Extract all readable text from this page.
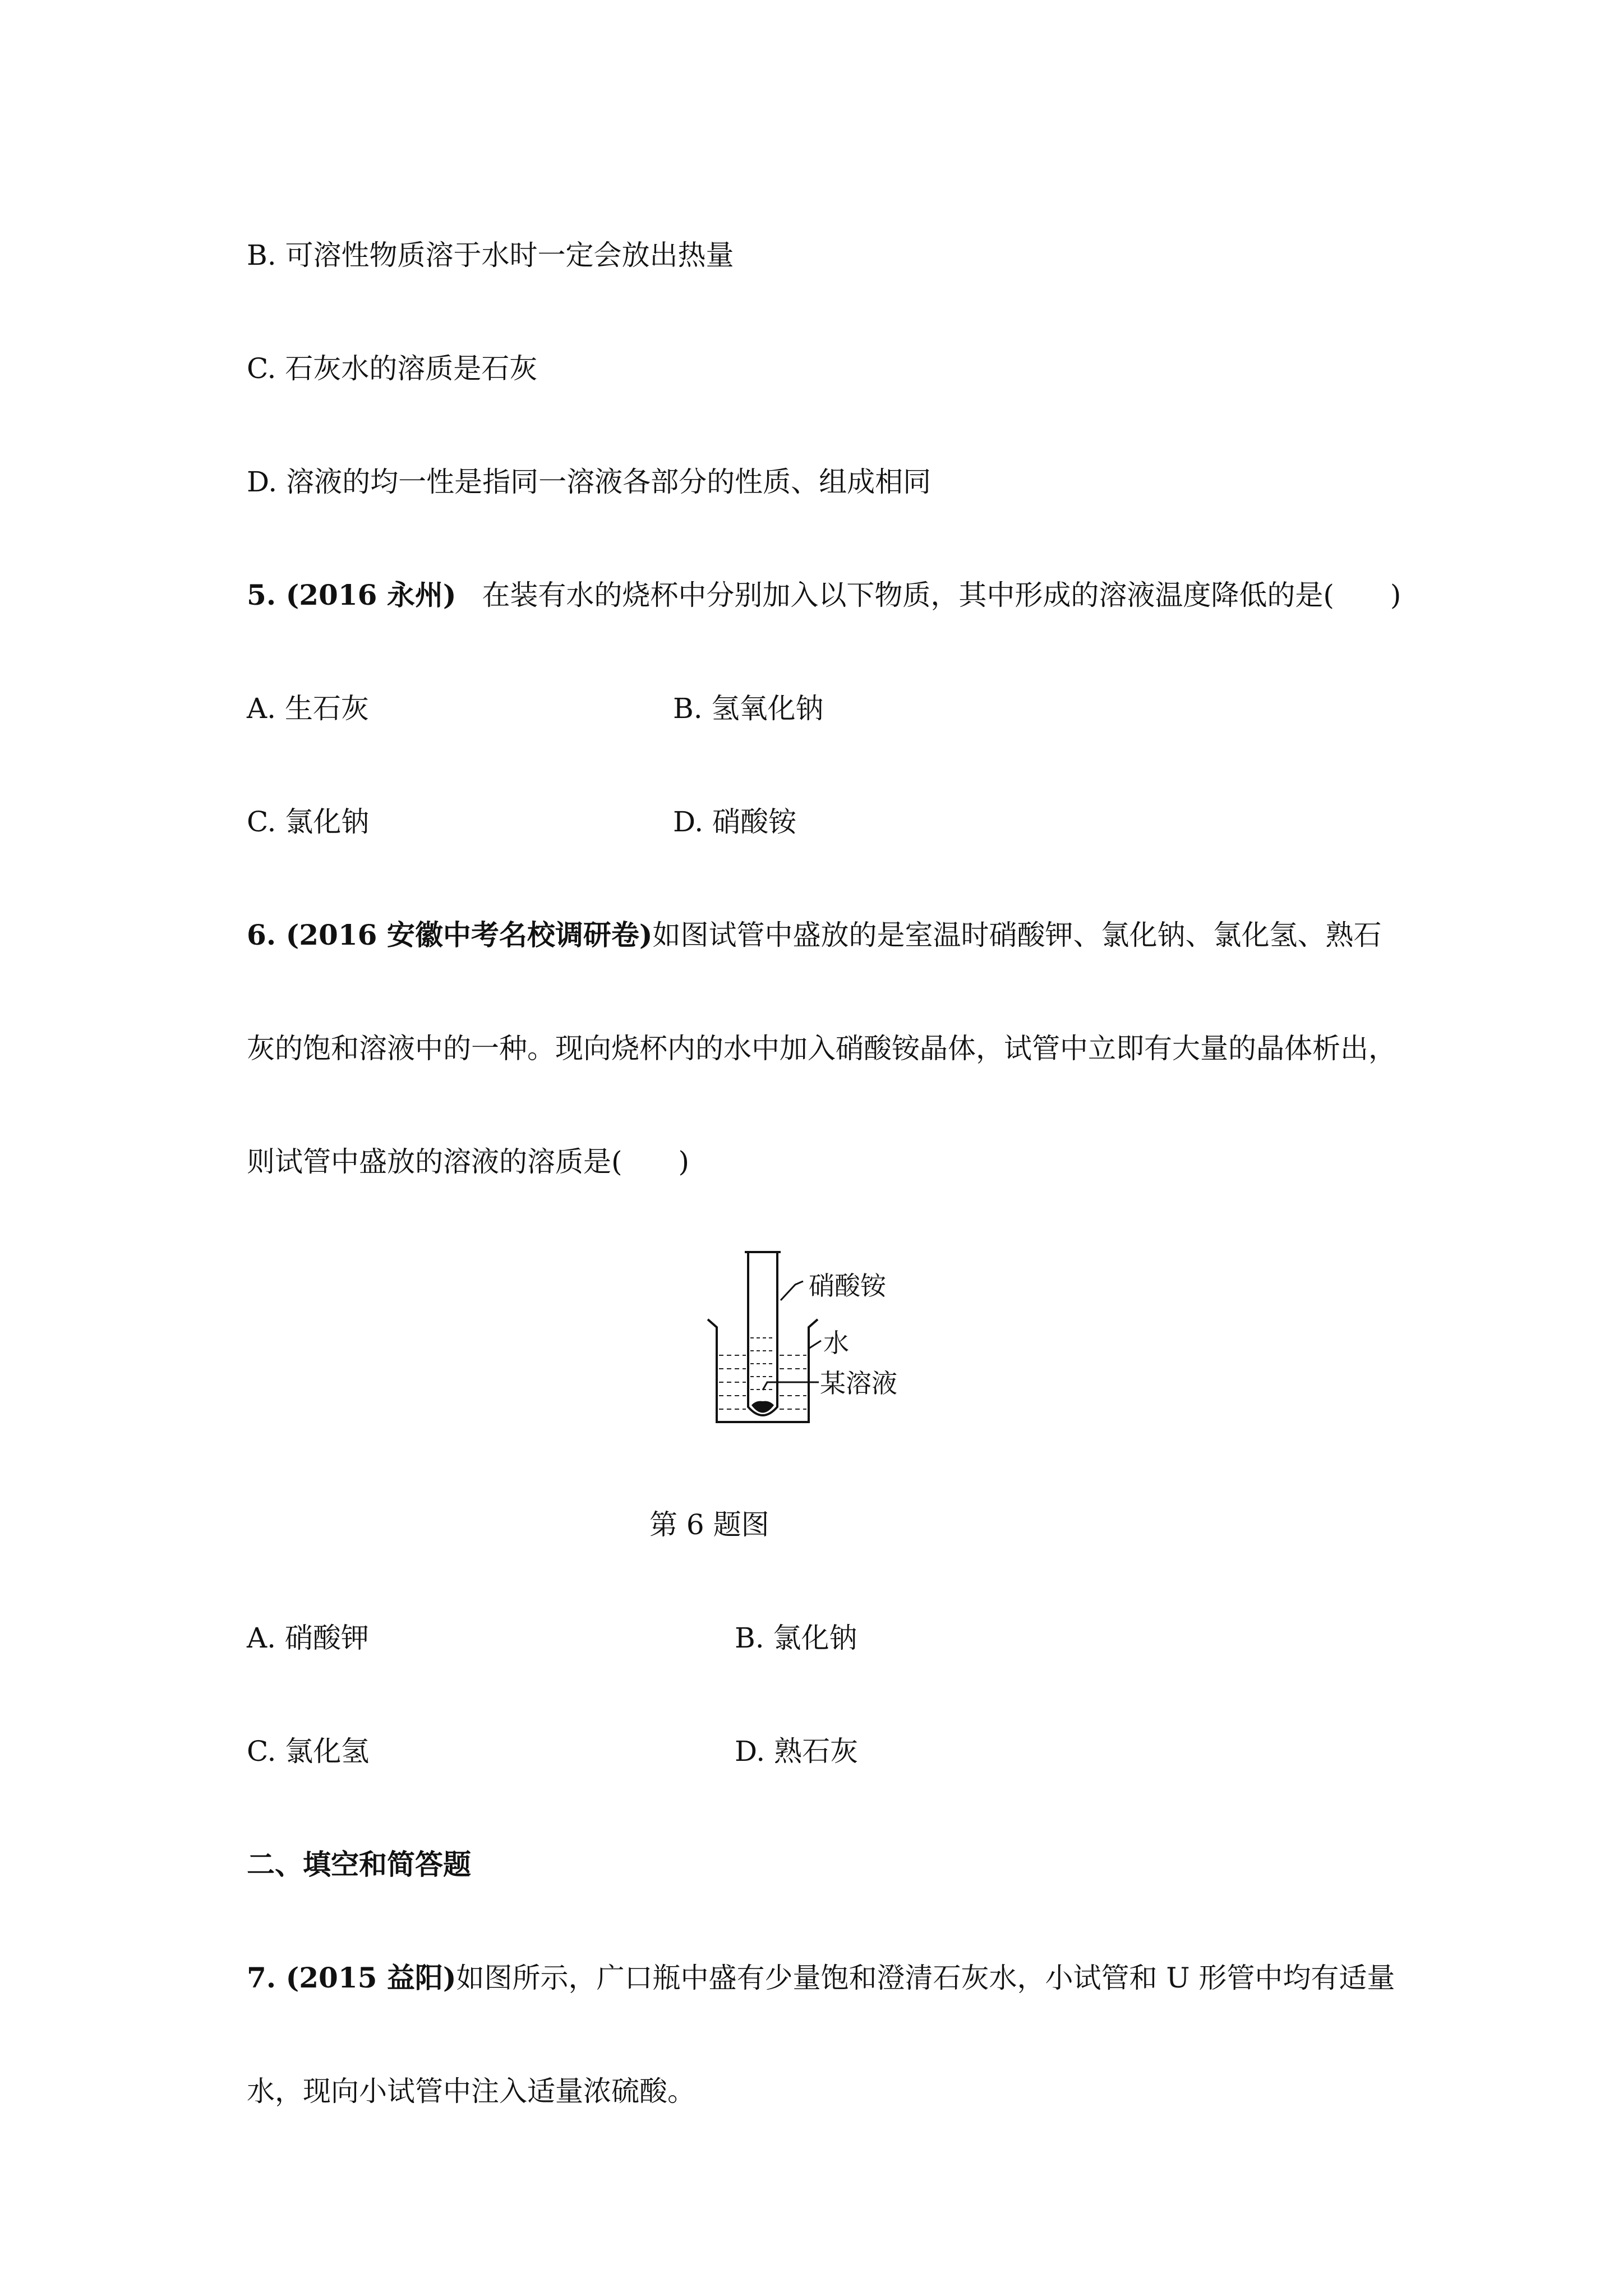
B. 可溶性物质溶于水时一定会放出热量
C. 石灰水的溶质是石灰
D. 溶液的均一性是指同一溶液各部分的性质、组成相同
5. (2016 永州) 在装有水的烧杯中分别加入以下物质，其中形成的溶液温度降低的是(　　)
A. 生石灰	B. 氢氧化钠
C. 氯化钠	D. 硝酸铵
6. (2016 安徽中考名校调研卷)如图试管中盛放的是室温时硝酸钾、氯化钠、氯化氢、熟石
灰的饱和溶液中的一种。现向烧杯内的水中加入硝酸铵晶体，试管中立即有大量的晶体析出，
则试管中盛放的溶液的溶质是(　　)
硝酸铵
水
某溶液
第 6 题图
A. 硝酸钾	B. 氯化钠
C. 氯化氢	D. 熟石灰
二、填空和简答题
7. (2015 益阳)如图所示，广口瓶中盛有少量饱和澄清石灰水，小试管和 U 形管中均有适量
水，现向小试管中注入适量浓硫酸。
